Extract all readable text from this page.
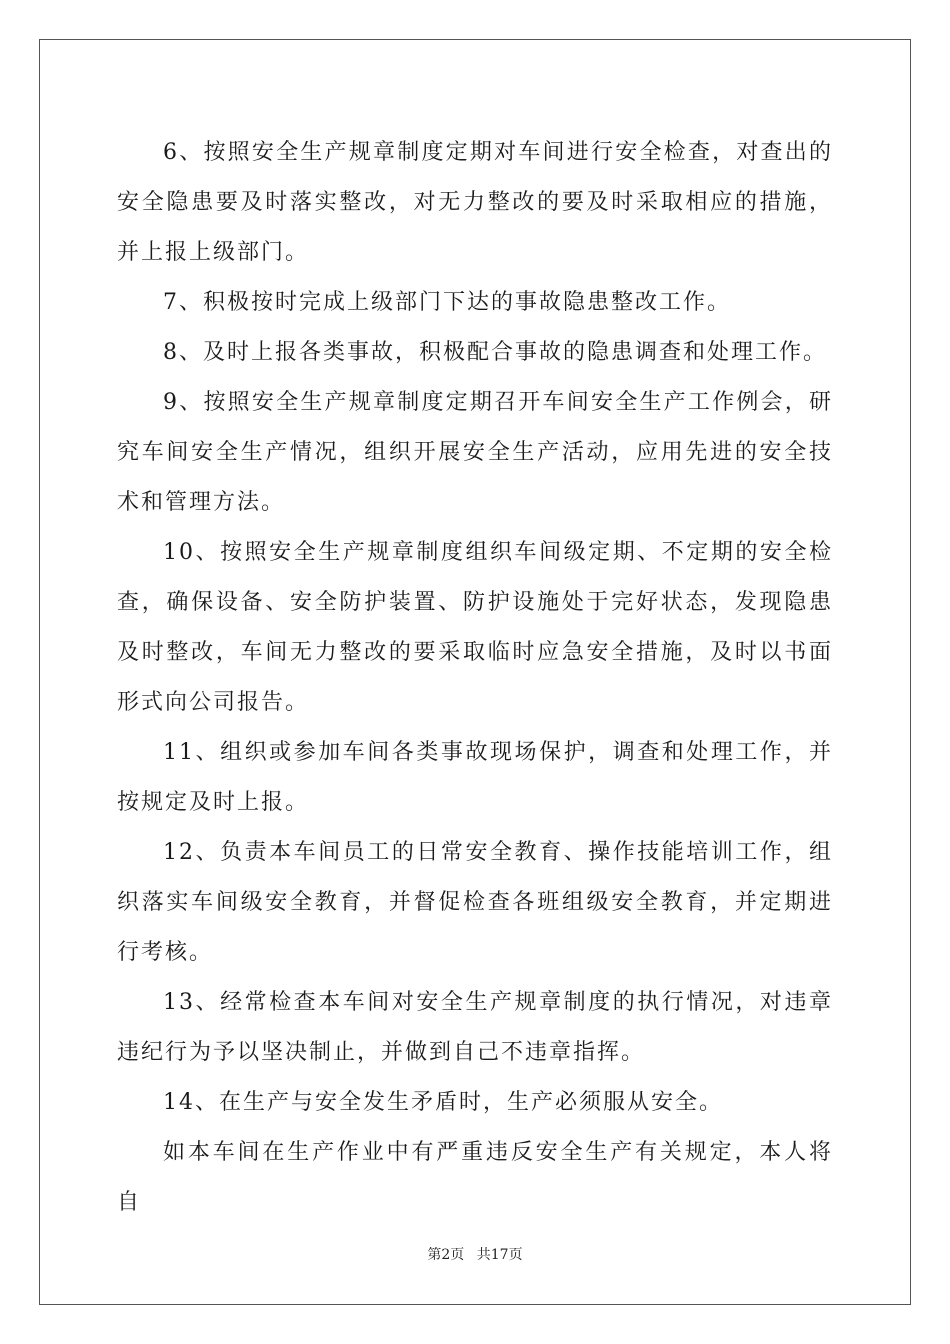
6、按照安全生产规章制度定期对车间进行安全检查，对查出的安全隐患要及时落实整改，对无力整改的要及时采取相应的措施，并上报上级部门。

7、积极按时完成上级部门下达的事故隐患整改工作。

8、及时上报各类事故，积极配合事故的隐患调查和处理工作。

9、按照安全生产规章制度定期召开车间安全生产工作例会，研究车间安全生产情况，组织开展安全生产活动，应用先进的安全技术和管理方法。

10、按照安全生产规章制度组织车间级定期、不定期的安全检查，确保设备、安全防护装置、防护设施处于完好状态，发现隐患及时整改，车间无力整改的要采取临时应急安全措施，及时以书面形式向公司报告。

11、组织或参加车间各类事故现场保护，调查和处理工作，并按规定及时上报。

12、负责本车间员工的日常安全教育、操作技能培训工作，组织落实车间级安全教育，并督促检查各班组级安全教育，并定期进行考核。

13、经常检查本车间对安全生产规章制度的执行情况，对违章违纪行为予以坚决制止，并做到自己不违章指挥。

14、在生产与安全发生矛盾时，生产必须服从安全。

如本车间在生产作业中有严重违反安全生产有关规定，本人将自

第2页 共17页
